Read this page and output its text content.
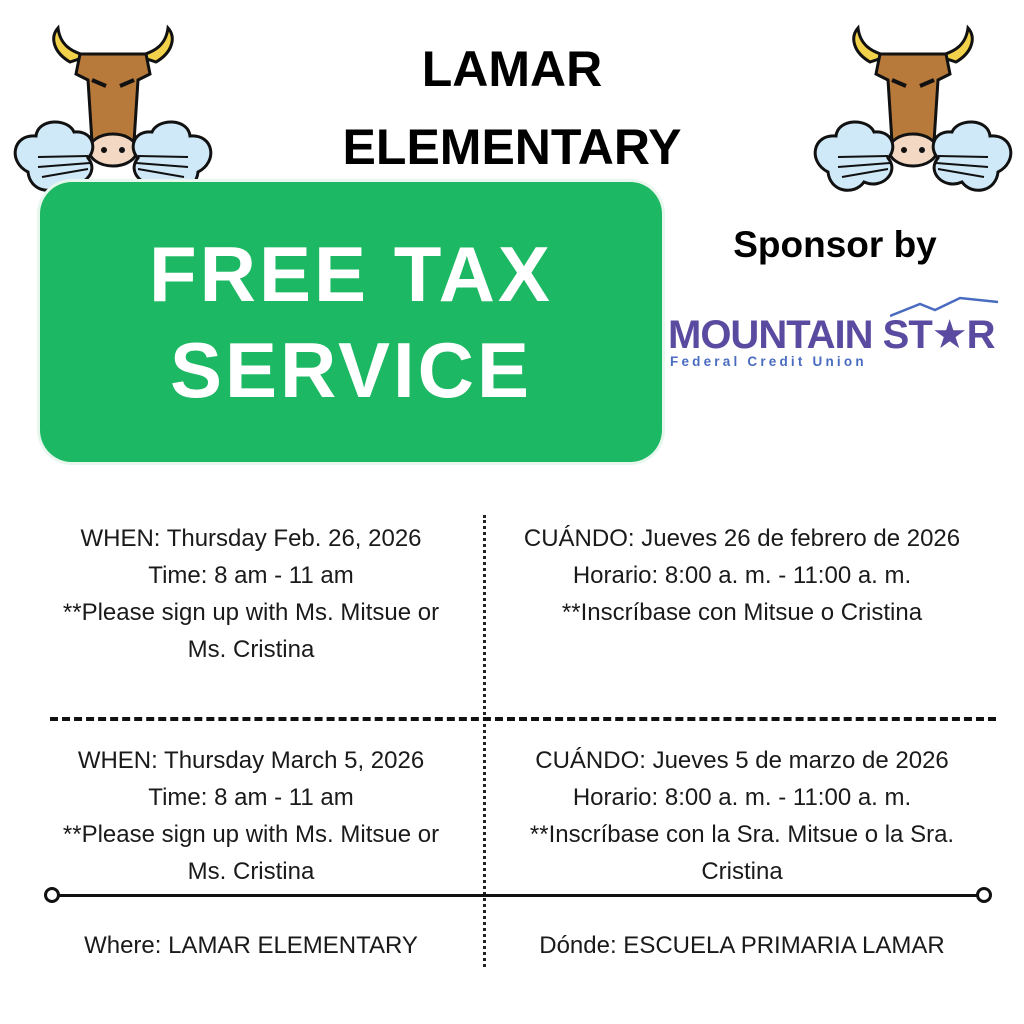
LAMAR
ELEMENTARY
FREE TAX
SERVICE
Sponsor by
MOUNTAIN ST★R
Federal Credit Union
WHEN: Thursday Feb. 26, 2026
Time: 8 am - 11 am
**Please sign up with Ms. Mitsue or
Ms. Cristina
CUÁNDO: Jueves 26 de febrero de 2026
Horario: 8:00 a. m. - 11:00 a. m.
**Inscríbase con Mitsue o Cristina
WHEN: Thursday March 5, 2026
Time: 8 am - 11 am
**Please sign up with Ms. Mitsue or
Ms. Cristina
CUÁNDO: Jueves 5 de marzo de 2026
Horario: 8:00 a. m. - 11:00 a. m.
**Inscríbase con la Sra. Mitsue o la Sra.
Cristina
Where: LAMAR ELEMENTARY	Dónde: ESCUELA PRIMARIA LAMAR
